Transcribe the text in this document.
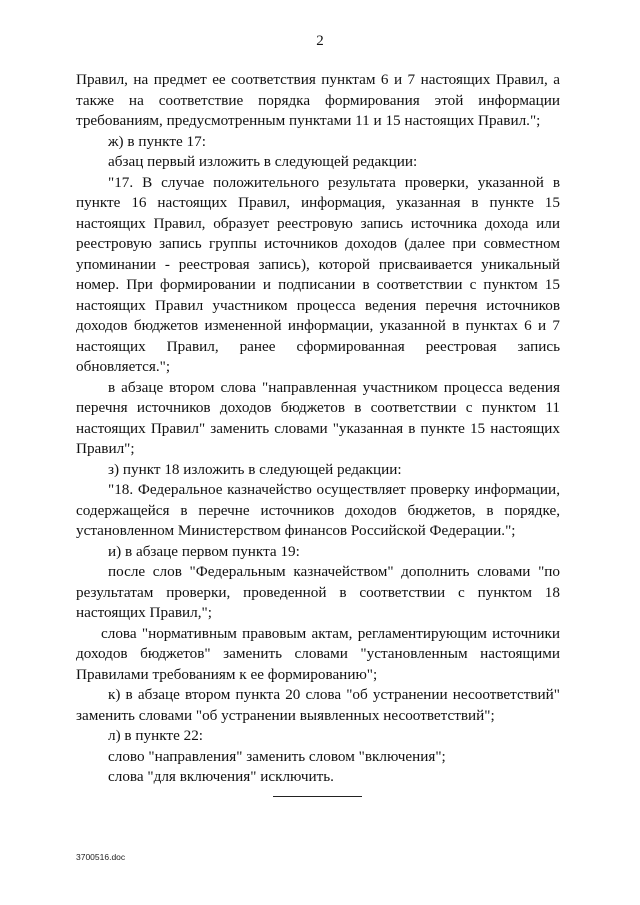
2

Правил, на предмет ее соответствия пунктам 6 и 7 настоящих Правил, а также на соответствие порядка формирования этой информации требованиям, предусмотренным пунктами 11 и 15 настоящих Правил.";

ж) в пункте 17:

абзац первый изложить в следующей редакции:

"17. В случае положительного результата проверки, указанной в пункте 16 настоящих Правил, информация, указанная в пункте 15 настоящих Правил, образует реестровую запись источника дохода или реестровую запись группы источников доходов (далее при совместном упоминании - реестровая запись), которой присваивается уникальный номер. При формировании и подписании в соответствии с пунктом 15 настоящих Правил участником процесса ведения перечня источников доходов бюджетов измененной информации, указанной в пунктах 6 и 7 настоящих Правил, ранее сформированная реестровая запись обновляется.";

в абзаце втором слова "направленная участником процесса ведения перечня источников доходов бюджетов в соответствии с пунктом 11 настоящих Правил" заменить словами "указанная в пункте 15 настоящих Правил";

з) пункт 18 изложить в следующей редакции:

"18. Федеральное казначейство осуществляет проверку информации, содержащейся в перечне источников доходов бюджетов, в порядке, установленном Министерством финансов Российской Федерации.";

и) в абзаце первом пункта 19:

после слов "Федеральным казначейством" дополнить словами "по результатам проверки, проведенной в соответствии с пунктом 18 настоящих Правил,";

слова "нормативным правовым актам, регламентирующим источники доходов бюджетов" заменить словами "установленным настоящими Правилами требованиям к ее формированию";

к) в абзаце втором пункта 20 слова "об устранении несоответствий" заменить словами "об устранении выявленных несоответствий";

л) в пункте 22:

слово "направления" заменить словом "включения";

слова "для включения" исключить.

3700516.doc
